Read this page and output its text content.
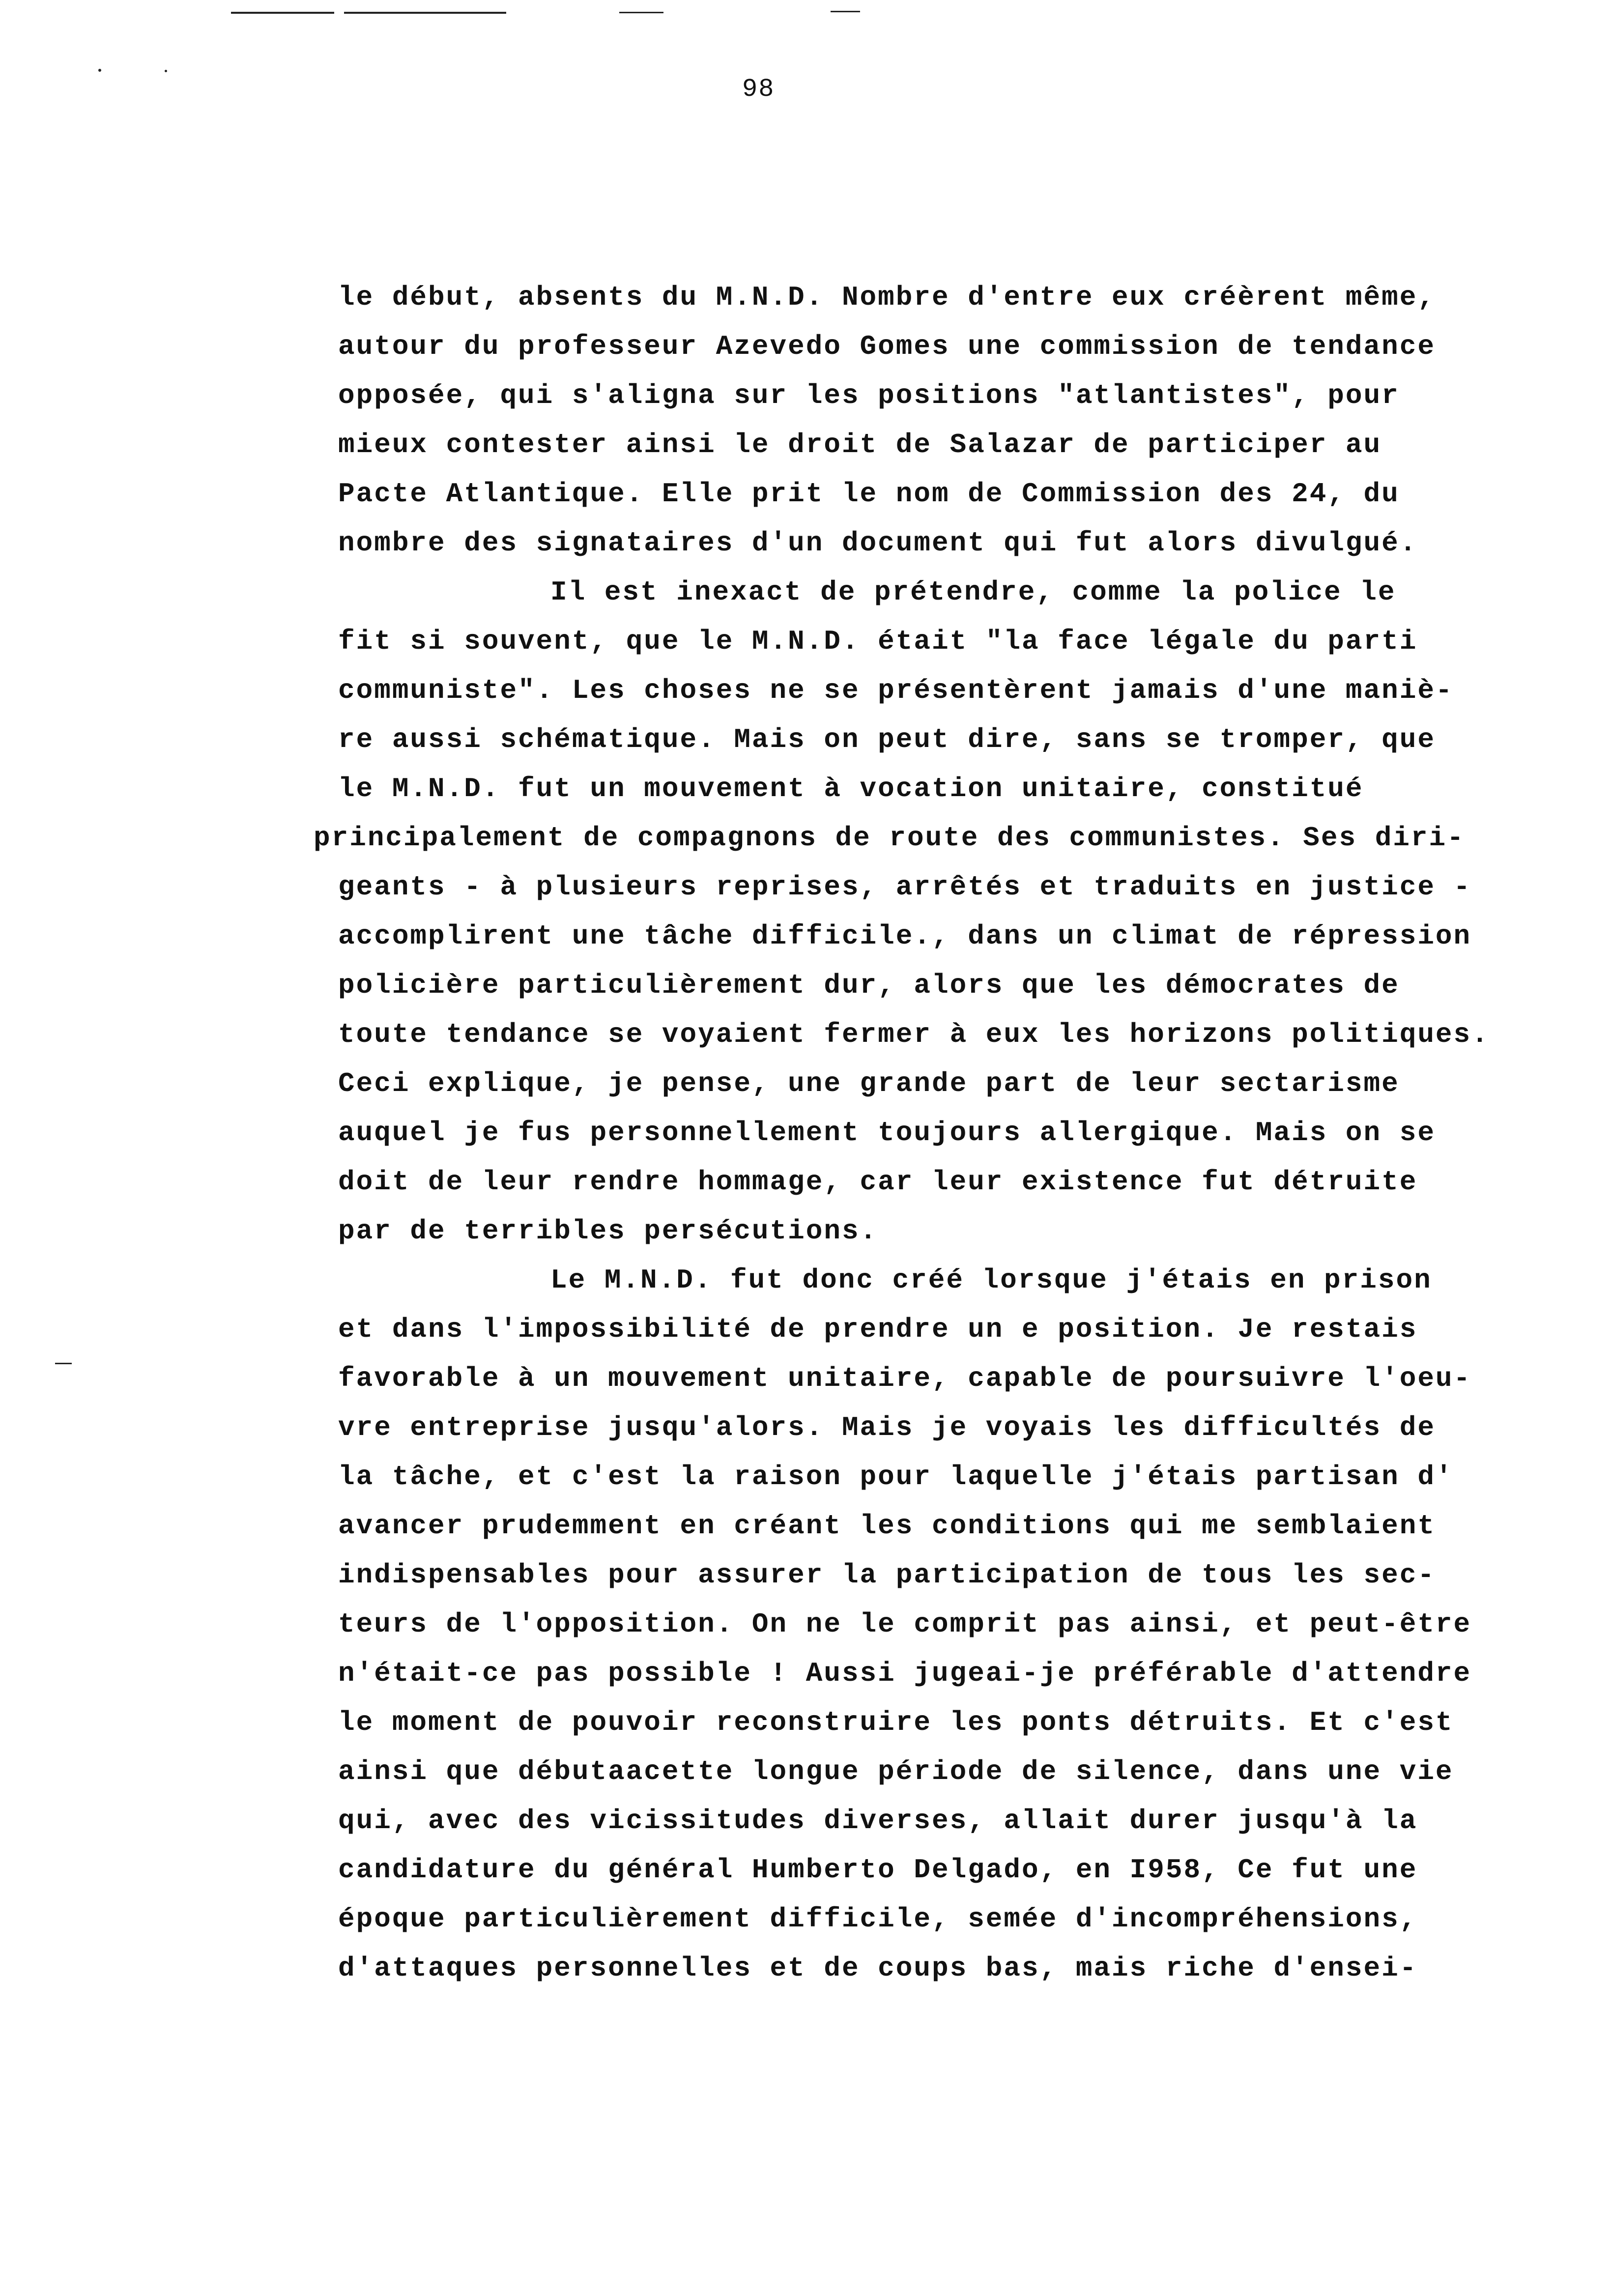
98
le début, absents du M.N.D. Nombre d'entre eux créèrent même,
autour du professeur Azevedo Gomes une commission de tendance
opposée, qui s'aligna sur les positions "atlantistes", pour
mieux contester ainsi le droit de Salazar de participer au
Pacte Atlantique. Elle prit le nom de Commission des 24, du
nombre des signataires d'un document qui fut alors divulgué.
Il est inexact de prétendre, comme la police le
fit si souvent, que le M.N.D. était "la face légale du parti
communiste". Les choses ne se présentèrent jamais d'une maniè-
re aussi schématique. Mais on peut dire, sans se tromper, que
le M.N.D. fut un mouvement à vocation unitaire, constitué
principalement de compagnons de route des communistes. Ses diri-
geants - à plusieurs reprises, arrêtés et traduits en justice -
accomplirent une tâche difficile., dans un climat de répression
policière particulièrement dur, alors que les démocrates de
toute tendance se voyaient fermer à eux les horizons politiques.
Ceci explique, je pense, une grande part de leur sectarisme
auquel je fus personnellement toujours allergique. Mais on se
doit de leur rendre hommage, car leur existence fut détruite
par de terribles persécutions.
Le M.N.D. fut donc créé lorsque j'étais en prison
et dans l'impossibilité de prendre un e position. Je restais
favorable à un mouvement unitaire, capable de poursuivre l'oeu-
vre entreprise jusqu'alors. Mais je voyais les difficultés de
la tâche, et c'est la raison pour laquelle j'étais partisan d'
avancer prudemment en créant les conditions qui me semblaient
indispensables pour assurer la participation de tous les sec-
teurs de l'opposition. On ne le comprit pas ainsi, et peut-être
n'était-ce pas possible ! Aussi jugeai-je préférable d'attendre
le moment de pouvoir reconstruire les ponts détruits. Et c'est
ainsi que débutaacette longue période de silence, dans une vie
qui, avec des vicissitudes diverses, allait durer jusqu'à la
candidature du général Humberto Delgado, en I958, Ce fut une
époque particulièrement difficile, semée d'incompréhensions,
d'attaques personnelles et de coups bas, mais riche d'ensei-
